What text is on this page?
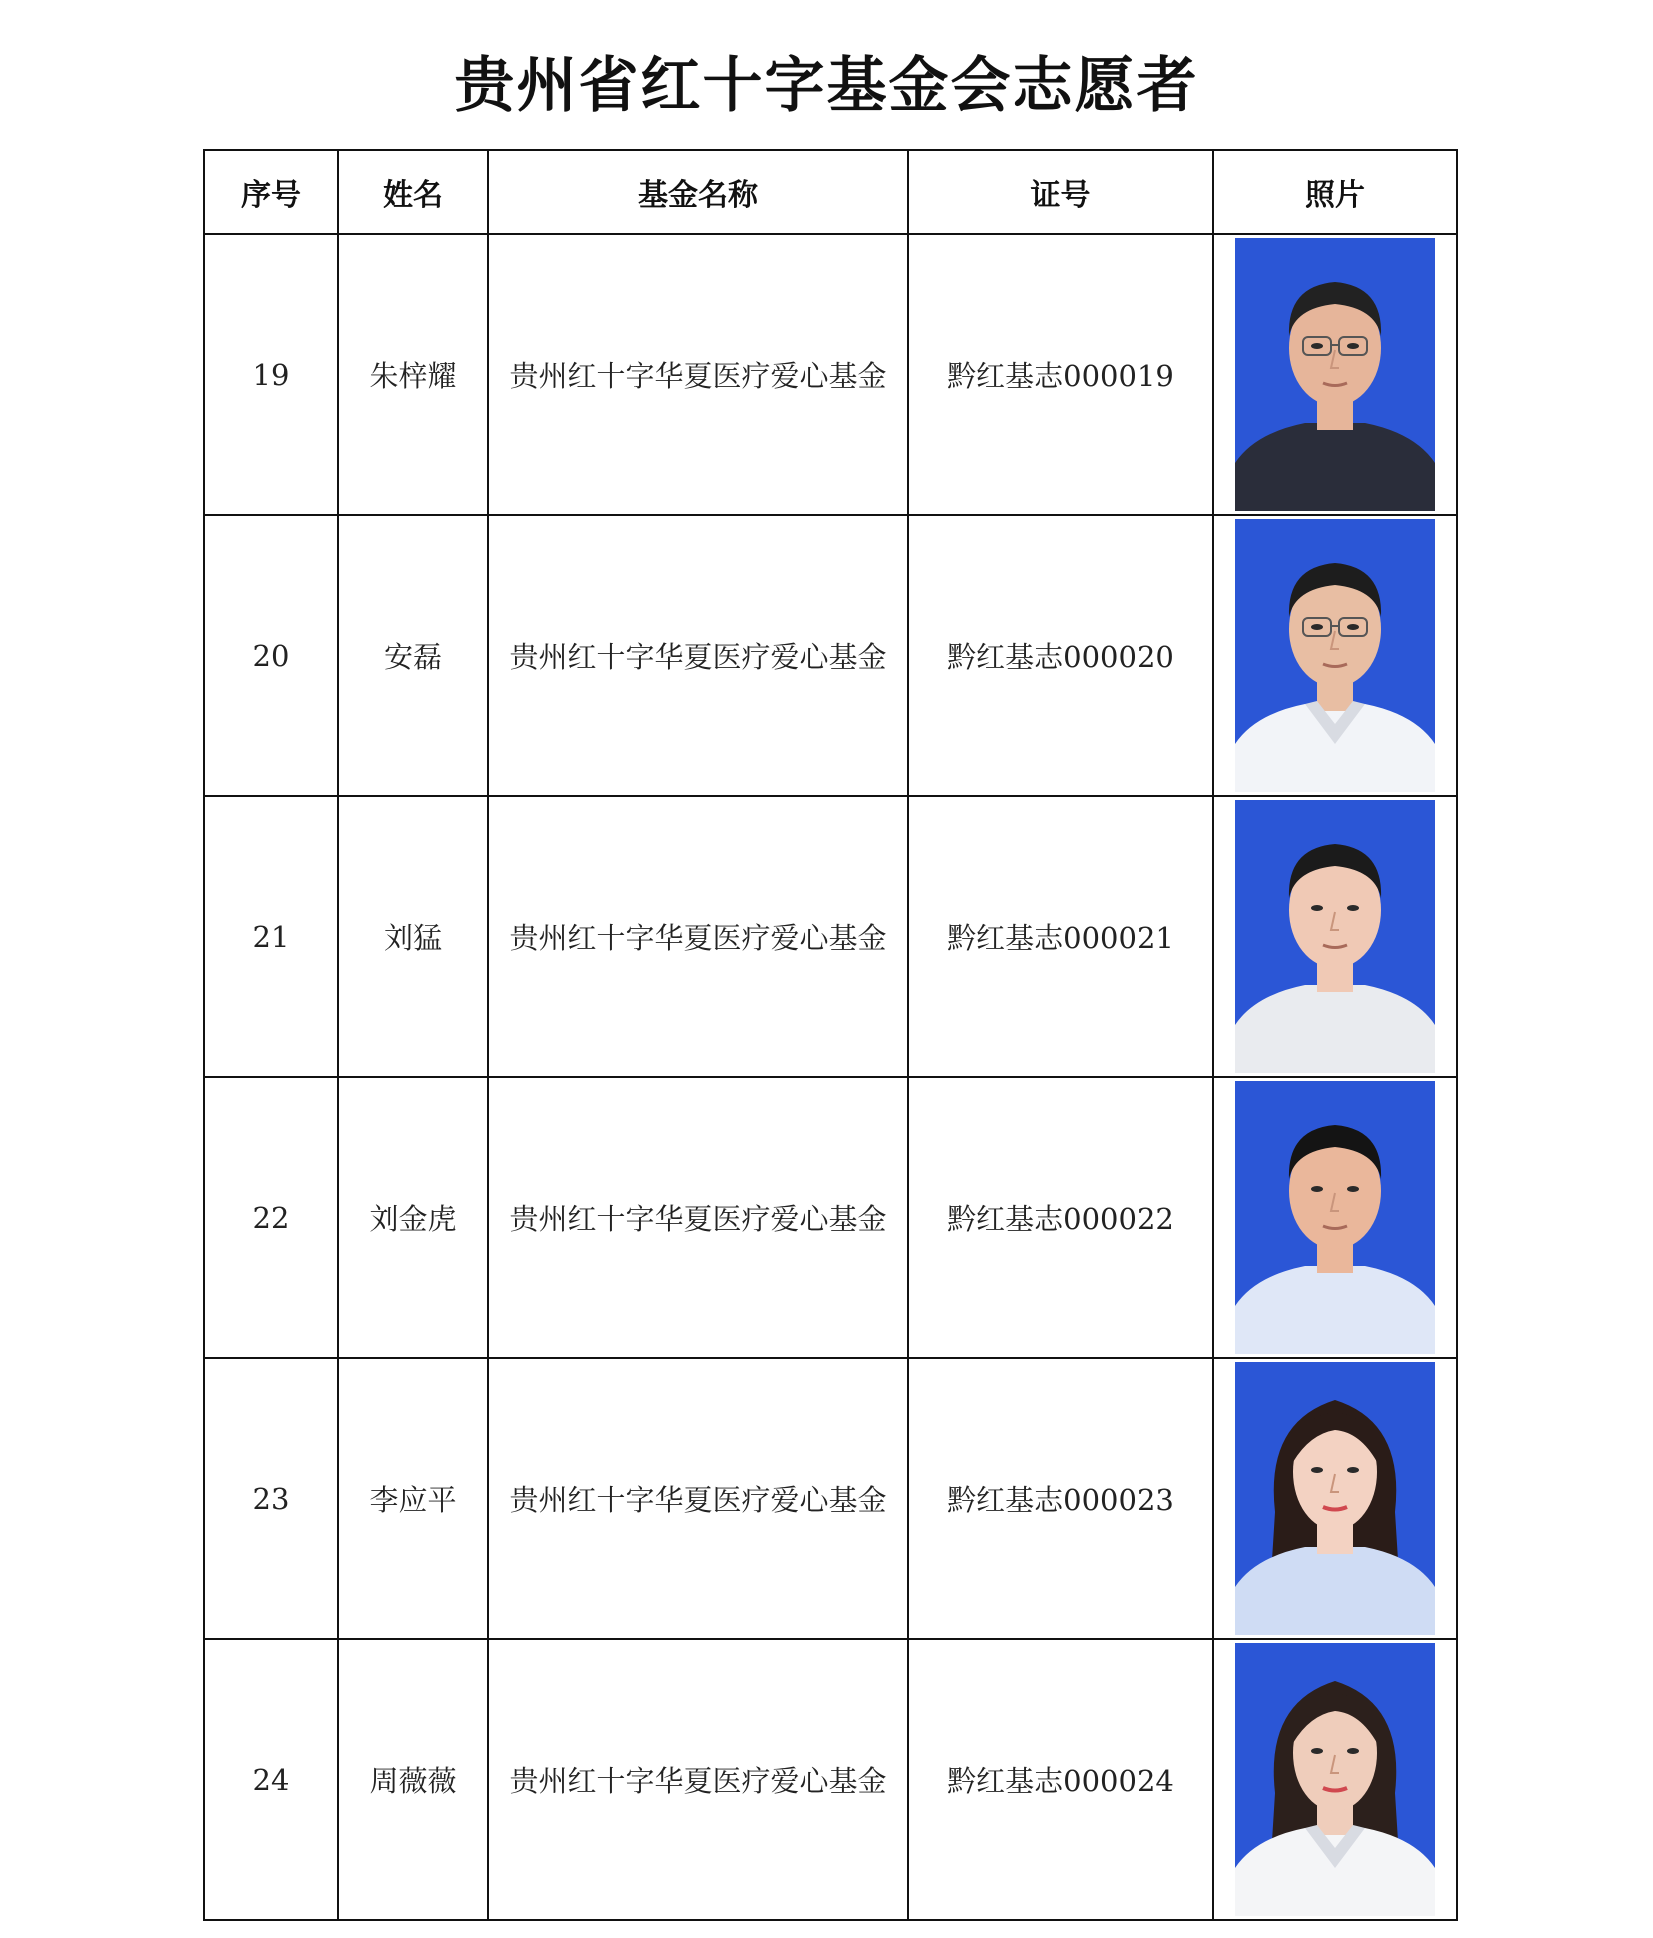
贵州省红十字基金会志愿者
序号	姓名	基金名称	证号	照片
19	朱梓耀	贵州红十字华夏医疗爱心基金	黔红基志000019	

20	安磊	贵州红十字华夏医疗爱心基金	黔红基志000020	

21	刘猛	贵州红十字华夏医疗爱心基金	黔红基志000021	

22	刘金虎	贵州红十字华夏医疗爱心基金	黔红基志000022	

23	李应平	贵州红十字华夏医疗爱心基金	黔红基志000023	

24	周薇薇	贵州红十字华夏医疗爱心基金	黔红基志000024	
